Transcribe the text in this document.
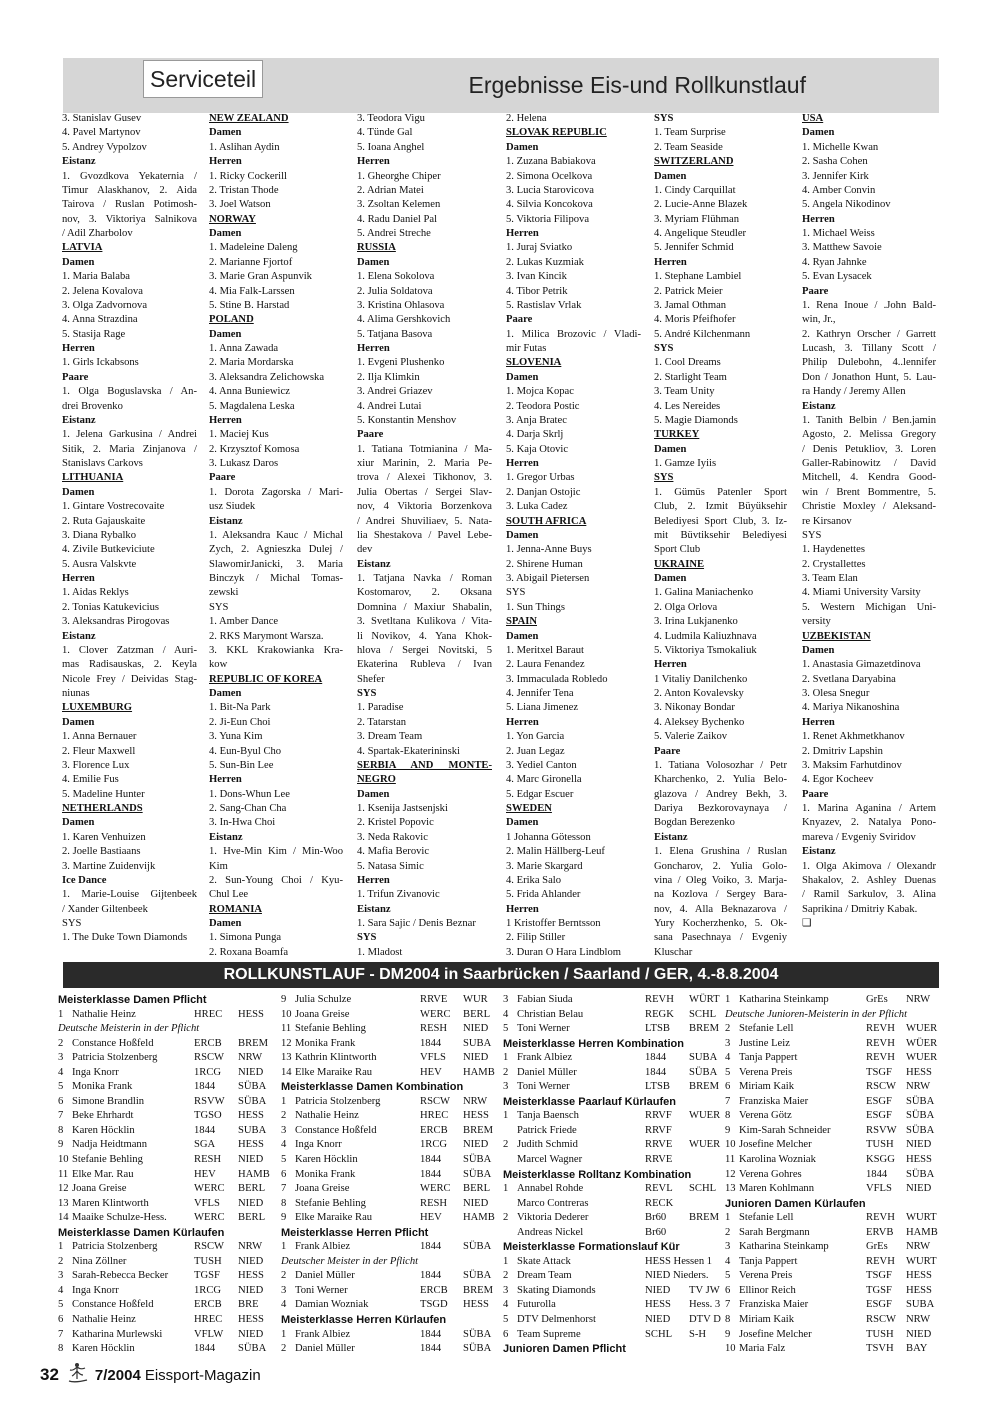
Serviceteil	Ergebnisse Eis-und Rollkunstlauf

3. Stanislav Gusev

4. Pavel Martynov

5. Andrey Vypolzov

Eistanz

1. Gvozdkova Yekaternia /

Timur Alaskhanov, 2. Aida

Tairova / Ruslan Potimosh-

nov, 3. Viktoriya Salnikova

/ Adil Zharbolov

LATVIA

Damen

1. Maria Balaba

2. Jelena Kovalova

3. Olga Zadvornova

4. Anna Strazdina

5. Stasija Rage

Herren

1. Girls Ickabsons

Paare

1. Olga Boguslavska / An-

drei Brovenko

Eistanz

1. Jelena Garkusina / Andrei

Sitik, 2. Maria Zinjanova /

Stanislavs Carkovs

LITHUANIA

Damen

1. Gintare Vostrecovaite

2. Ruta Gajauskaite

3. Diana Rybalko

4. Zivile Butkeviciute

5. Ausra Valskvte

Herren

1. Aidas Reklys

2. Tonias Katukevicius

3. Aleksandras Pirogovas

Eistanz

1. Clover Zatzman / Auri-

mas Radisauskas, 2. Keyla

Nicole Frey / Deividas Stag-

niunas

LUXEMBURG

Damen

1. Anna Bernauer

2. Fleur Maxwell

3. Florence Lux

4. Emilie Fus

5. Madeline Hunter

NETHERLANDS

Damen

1. Karen Venhuizen

2. Joelle Bastiaans

3. Martine Zuidenvijk

Ice Dance

1. Marie-Louise Gijtenbeek

/ Xander Giltenbeek

SYS

1. The Duke Town Diamonds

NEW ZEALAND

Damen

1. Aslihan Aydin

Herren

1. Ricky Cockerill

2. Tristan Thode

3. Joel Watson

NORWAY

Damen

1. Madeleine Daleng

2. Marianne Fjortof

3. Marie Gran Aspunvik

4. Mia Falk-Larssen

5. Stine B. Harstad

POLAND

Damen

1. Anna Zawada

2. Maria Mordarska

3. Aleksandra Zelichowska

4. Anna Buniewicz

5. Magdalena Leska

Herren

1. Maciej Kus

2. Krzysztof Komosa

3. Lukasz Daros

Paare

1. Dorota Zagorska / Mari-

usz Siudek

Eistanz

1. Aleksandra Kauc / Michal

Zych, 2. Agnieszka Dulej /

SlawomirJanicki, 3. Maria

Binczyk / Michal Tomas-

zewski

SYS

1. Amber Dance

2. RKS Marymont Warsza.

3. KKL Krakowianka Kra-

kow

REPUBLIC OF KOREA

Damen

1. Bit-Na Park

2. Ji-Eun Choi

3. Yuna Kim

4. Eun-Byul Cho

5. Sun-Bin Lee

Herren

1. Dons-Whun Lee

2. Sang-Chan Cha

3. In-Hwa Choi

Eistanz

1. Hve-Min Kim / Min-Woo

Kim

2. Sun-Young Choi / Kyu-

Chul Lee

ROMANIA

Damen

1. Simona Punga

2. Roxana Boamfa

3. Teodora Vigu

4. Tünde Gal

5. Ioana Anghel

Herren

1. Gheorghe Chiper

2. Adrian Matei

3. Zsoltan Kelemen

4. Radu Daniel Pal

5. Andrei Streche

RUSSIA

Damen

1. Elena Sokolova

2. Julia Soldatova

3. Kristina Ohlasova

4. Alima Gershkovich

5. Tatjana Basova

Herren

1. Evgeni Plushenko

2. Ilja Klimkin

3. Andrei Griazev

4. Andrei Lutai

5. Konstantin Menshov

Paare

1. Tatiana Totmianina / Ma-

xiur Marinin, 2. Maria Pe-

trova / Alexei Tikhonov, 3.

Julia Obertas / Sergei Slav-

nov, 4 Viktoria Borzenkova

/ Andrei Shuviliaev, 5. Nata-

lia Shestakova / Pavel Lebe-

dev

Eistanz

1. Tatjana Navka / Roman

Kostomarov, 2. Oksana

Domnina / Maxiur Shabalin,

3. Svetltana Kulikova / Vita-

li Novikov, 4. Yana Khok-

hlova / Sergei Novitski, 5

Ekaterina Rubleva / Ivan

Shefer

SYS

1. Paradise

2. Tatarstan

3. Dream Team

4. Spartak-Ekaterininski

SERBIA AND MONTE-

NEGRO

Damen

1. Ksenija Jastsenjski

2. Kristel Popovic

3. Neda Rakovic

4. Mafia Berovic

5. Natasa Simic

Herren

1. Trifun Zivanovic

Eistanz

1. Sara Sajic / Denis Beznar

SYS

1. Mladost

2. Helena

SLOVAK REPUBLIC

Damen

1. Zuzana Babiakova

2. Simona Ocelkova

3. Lucia Starovicova

4. Silvia Koncokova

5. Viktoria Filipova

Herren

1. Juraj Sviatko

2. Lukas Kuzmiak

3. Ivan Kincik

4. Tibor Petrik

5. Rastislav Vrlak

Paare

1. Milica Brozovic / Vladi-

mir Futas

SLOVENIA

Damen

1. Mojca Kopac

2. Teodora Postic

3. Anja Bratec

4. Darja Skrlj

5. Kaja Otovic

Herren

1. Gregor Urbas

2. Danjan Ostojic

3. Luka Cadez

SOUTH AFRICA

Damen

1. Jenna-Anne Buys

2. Shirene Human

3. Abigail Pietersen

SYS

1. Sun Things

SPAIN

Damen

1. Meritxel Baraut

2. Laura Fenandez

3. Immaculada Robledo

4. Jennifer Tena

5. Liana Jimenez

Herren

1. Yon Garcia

2. Juan Legaz

3. Yediel Canton

4. Marc Gironella

5. Edgar Escuer

SWEDEN

Damen

1 Johanna Götesson

2. Malin Hällberg-Leuf

3. Marie Skargard

4. Erika Salo

5. Frida Ahlander

Herren

1 Kristoffer Berntsson

2. Filip Stiller

3. Duran O Hara Lindblom

SYS

1. Team Surprise

2. Team Seaside

SWITZERLAND

Damen

1. Cindy Carquillat

2. Lucie-Anne Blazek

3. Myriam Flühman

4. Angelique Steudler

5. Jennifer Schmid

Herren

1. Stephane Lambiel

2. Patrick Meier

3. Jamal Othman

4. Moris Pfeifhofer

5. André Kilchenmann

SYS

1. Cool Dreams

2. Starlight Team

3. Team Unity

4. Les Nereides

5. Magie Diamonds

TURKEY

Damen

1. Gamze Iyiis

SYS

1. Gümüs Patenler Sport

Club, 2. Izmit Büyüksehir

Belediyesi Sport Club, 3. Iz-

mit Büvtiksehir Belediyesi

Sport Club

UKRAINE

Damen

1. Galina Maniachenko

2. Olga Orlova

3. Irina Lukjanenko

4. Ludmila Kaliuzhnava

5. Viktoriya Tsmokaliuk

Herren

1 Vitaliy Danilchenko

2. Anton Kovalevsky

3. Nikonay Bondar

4. Aleksey Bychenko

5. Valerie Zaikov

Paare

1. Tatiana Volosozhar / Petr

Kharchenko, 2. Yulia Belo-

glazova / Andrey Bekh, 3.

Dariya Bezkorovaynaya /

Bogdan Berezenko

Eistanz

1. Elena Grushina / Ruslan

Goncharov, 2. Yulia Golo-

vina / Oleg Voiko, 3. Marja-

na Kozlova / Sergey Bara-

nov, 4. Alla Beknazarova /

Yury Kocherzhenko, 5. Ok-

sana Pasechnaya / Evgeniy

Kluschar

USA

Damen

1. Michelle Kwan

2. Sasha Cohen

3. Jennifer Kirk

4. Amber Convin

5. Angela Nikodinov

Herren

1. Michael Weiss

3. Matthew Savoie

4. Ryan Jahnke

5. Evan Lysacek

Paare

1. Rena Inoue / .John Bald-

win, Jr.,

2. Kathryn Orscher / Garrett

Lucash, 3. Tillany Scott /

Philip Dulebohn, 4..lennifer

Don / Jonathon Hunt, 5. Lau-

ra Handy / Jeremy Allen

Eistanz

1. Tanith Belbin / Ben.jamin

Agosto, 2. Melissa Gregory

/ Denis Petukliov, 3. Loren

Galler-Rabinowitz / David

Mitchell, 4. Kendra Good-

win / Brent Bommentre, 5.

Christie Moxley / Aleksand-

re Kirsanov

SYS

1. Haydenettes

2. Crystallettes

3. Team Elan

4. Miami University Varsity

5. Western Michigan Uni-

versity

UZBEKISTAN

Damen

1. Anastasia Gimazetdinova

2. Svetlana Daryabina

3. Olesa Snegur

4. Mariya Nikanoshina

Herren

1. Renet Akhmetkhanov

2. Dmitriv Lapshin

3. Maksim Farhutdinov

4. Egor Kocheev

Paare

1. Marina Aganina / Artem

Knyazev, 2. Natalya Pono-

mareva / Evgeniy Sviridov

Eistanz

1. Olga Akimova / Olexandr

Shakalov, 2. Ashley Duenas

/ Ramil Sarkulov, 3. Alina

Saprikina / Dmitriy Kabak.

❑

ROLLKUNSTLAUF - DM2004 in Saarbrücken / Saarland / GER, 4.-8.8.2004
Meisterklasse Damen Pflicht
1 Nathalie Heinz	HREC	HESS
Deutsche Meisterin in der Pflicht
2 Constance Hoßfeld	ERCB	BREM
3 Patricia Stolzenberg	RSCW	NRW
4 Inga Knorr	1RCG	NIED
5 Monika Frank	1844	SÜBA
6 Simone Brandlin	RSVW	SÜBA
7 Beke Ehrhardt	TGSO	HESS
8 Karen Höcklin	1844	SUBA
9 Nadja Heidtmann	SGA	HESS
10 Stefanie Behling	RESH	NIED
11 Elke Mar. Rau	HEV	HAMB
12 Joana Greise	WERC	BERL
13 Maren Klintworth	VFLS	NIED
14 Maaike Schulze-Hess.	WERC	BERL
Meisterklasse Damen Kürlaufen
1 Patricia Stolzenberg	RSCW	NRW
2 Nina Zöllner	TUSH	NIED
3 Sarah-Rebecca Becker	TGSF	HESS
4 Inga Knorr	1RCG	NIED
5 Constance Hoßfeld	ERCB	BRE
6 Nathalie Heinz	HREC	HESS
7 Katharina Murlewski	VFLW	NIED
8 Karen Höcklin	1844	SÜBA
9 Julia Schulze	RRVE	WUR
10 Joana Greise	WERC	BERL
11 Stefanie Behling	RESH	NIED
12 Monika Frank	1844	SUBA
13 Kathrin Klintworth	VFLS	NIED
14 Elke Maraike Rau	HEV	HAMB
Meisterklasse Damen Kombination
1 Patricia Stolzenberg	RSCW	NRW
2 Nathalie Heinz	HREC	HESS
3 Constance Hoßfeld	ERCB	BREM
4 Inga Knorr	1RCG	NIED
5 Karen Höcklin	1844	SÜBA
6 Monika Frank	1844	SÜBA
7 Joana Greise	WERC	BERL
8 Stefanie Behling	RESH	NIED
9 Elke Maraike Rau	HEV	HAMB
Meisterklasse Herren Pflicht
1 Frank Albiez	1844	SÜBA
Deutscher Meister in der Pflicht
2 Daniel Müller	1844	SÜBA
3 Toni Werner	ERCB	BREM
4 Damian Wozniak	TSGD	HESS
Meisterklasse Herren Kürlaufen
1 Frank Albiez	1844	SÜBA
2 Daniel Müller	1844	SÜBA
3 Fabian Siuda	REVH	WÜRT
4 Christian Belau	REGK	SCHL
5 Toni Werner	LTSB	BREM
Meisterklasse Herren Kombination
1 Frank Albiez	1844	SUBA
2 Daniel Müller	1844	SÜBA
3 Toni Werner	LTSB	BREM
Meisterklasse Paarlauf Kürlaufen
1 Tanja Baensch	RRVF	WUER
Patrick Friede	RRVF
2 Judith Schmid	RRVE	WUER
Marcel Wagner	RRVE
Meisterklasse Rolltanz Kombination
1 Annabel Rohde	REVL	SCHL
Marco Contreras	RECK
2 Viktoria Dederer	Br60	BREM
Andreas Nickel	Br60
Meisterklasse Formationslauf Kür
1 Skate Attack	HESS Hessen 1
2 Dream Team	NIED Nieders.
3 Skating Diamonds	NIED	TV JW
4 Futurolla	HESS	Hess. 3
5 DTV Delmenhorst	NIED	DTV D
6 Team Supreme	SCHL	S-H
Junioren Damen Pflicht
1 Katharina Steinkamp	GrEs	NRW
Deutsche Junioren-Meisterin in der Pflicht
2 Stefanie Lell	REVH	WUER
3 Justine Leiz	REVH	WÜER
4 Tanja Pappert	REVH	WUER
5 Verena Preis	TSGF	HESS
6 Miriam Kaik	RSCW NRW
7 Franziska Maier	ESGF	SÜBA
8 Verena Götz	ESGF	SÜBA
9 Kim-Sarah Schneider	RSVW SÜBA
10 Josefine Melcher	TUSH	NIED
11 Karolina Wozniak	KSGG	HESS
12 Verena Gohres	1844	SÜBA
13 Maren Kohlmann	VFLS	NIED
Junioren Damen Kürlaufen
1 Stefanie Lell	REVH	WURT
2 Sarah Bergmann	ERVB	HAMB
3 Katharina Steinkamp	GrEs	NRW
4 Tanja Pappert	REVH	WURT
5 Verena Preis	TSGF	HESS
6 Ellinor Reich	TGSF	HESS
7 Franziska Maier	ESGF	SUBA
8 Miriam Kaik	RSCW NRW
9 Josefine Melcher	TUSH	NIED
10 Maria Falz	TSVH	BAY
32 7/2004 Eissport-Magazin
